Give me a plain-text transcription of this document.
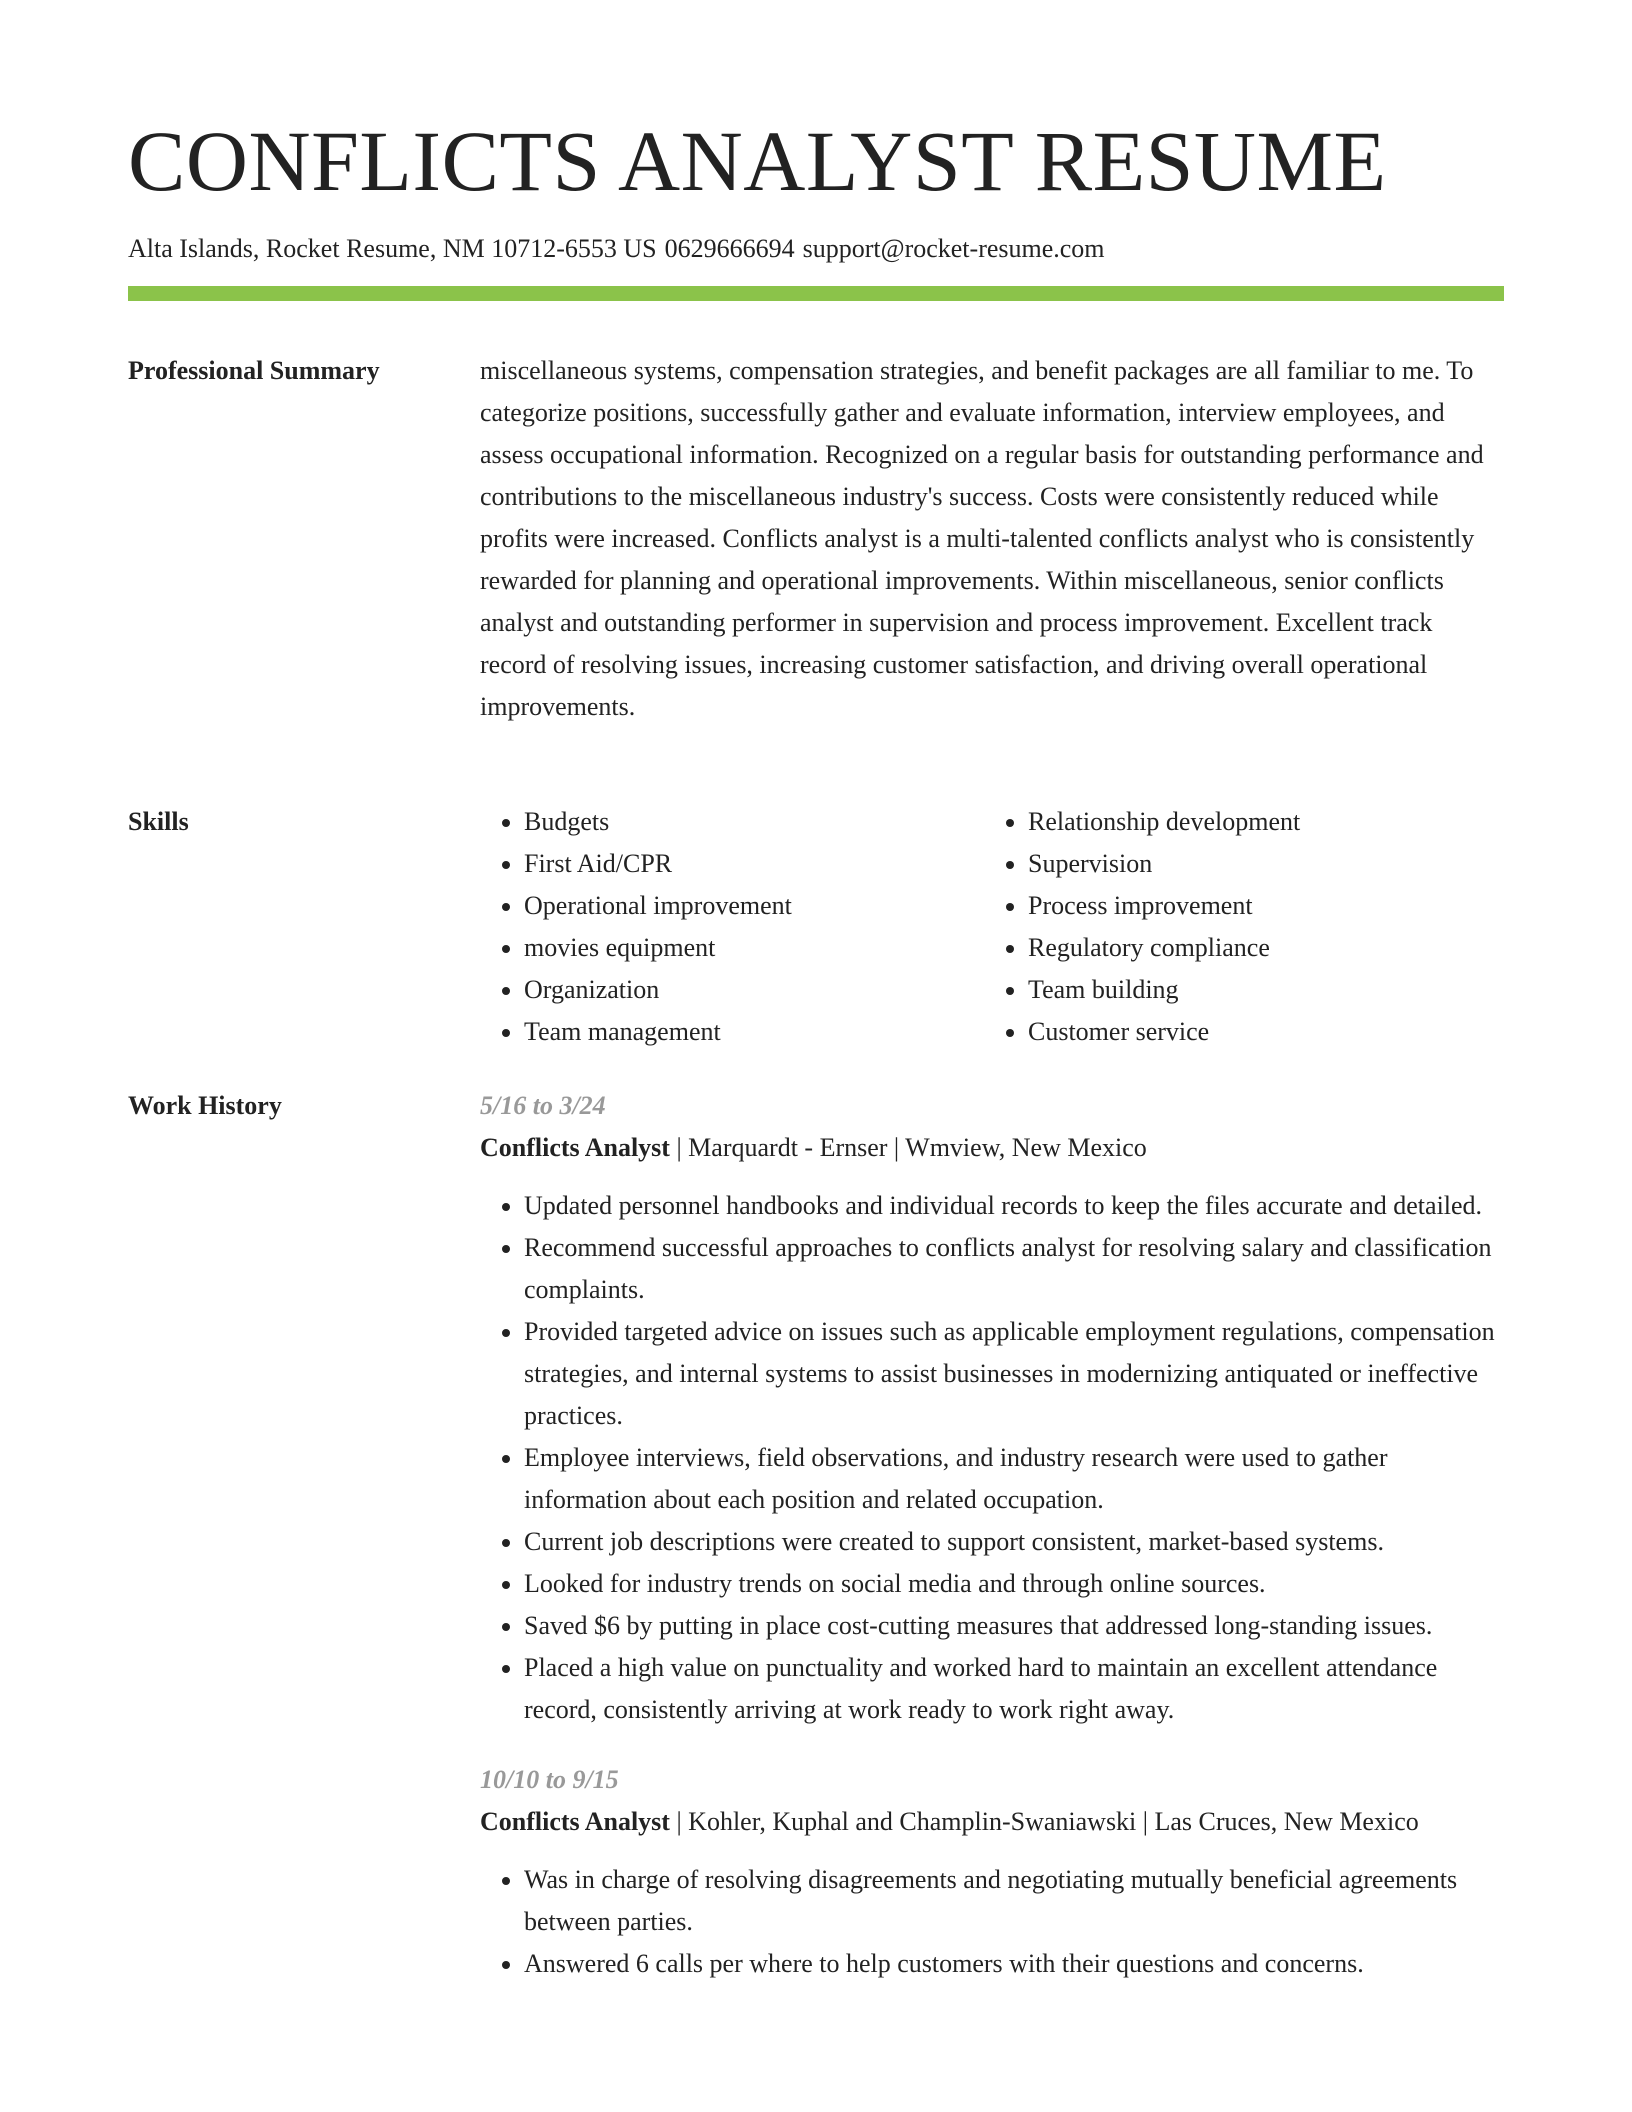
CONFLICTS ANALYST RESUME
Alta Islands, Rocket Resume, NM 10712-6553 US 0629666694 support@rocket-resume.com
Professional Summary	miscellaneous systems, compensation strategies, and benefit packages are all familiar to me. To categorize positions, successfully gather and evaluate information, interview employees, and assess occupational information. Recognized on a regular basis for outstanding performance and contributions to the miscellaneous industry's success. Costs were consistently reduced while profits were increased. Conflicts analyst is a multi-talented conflicts analyst who is consistently rewarded for planning and operational improvements. Within miscellaneous, senior conflicts analyst and outstanding performer in supervision and process improvement. Excellent track record of resolving issues, increasing customer satisfaction, and driving overall operational improvements.

Skills
•	Budgets
• First Aid/CPR
• Operational improvement
• movies equipment
• Organization
• Team management
• Relationship development
• Supervision
• Process improvement
• Regulatory compliance
• Team building
• Customer service
Work History	5/16 to 3/24
Conflicts Analyst | Marquardt - Ernser | Wmview, New Mexico
• Updated personnel handbooks and individual records to keep the files accurate and detailed.
• Recommend successful approaches to conflicts analyst for resolving salary and classification complaints.
• Provided targeted advice on issues such as applicable employment regulations, compensation strategies, and internal systems to assist businesses in modernizing antiquated or ineffective practices.
• Employee interviews, field observations, and industry research were used to gather information about each position and related occupation.
• Current job descriptions were created to support consistent, market-based systems.
• Looked for industry trends on social media and through online sources.
• Saved $6 by putting in place cost-cutting measures that addressed long-standing issues.
• Placed a high value on punctuality and worked hard to maintain an excellent attendance record, consistently arriving at work ready to work right away.
10/10 to 9/15
Conflicts Analyst | Kohler, Kuphal and Champlin-Swaniawski | Las Cruces, New Mexico
• Was in charge of resolving disagreements and negotiating mutually beneficial agreements between parties.
• Answered 6 calls per where to help customers with their questions and concerns.
